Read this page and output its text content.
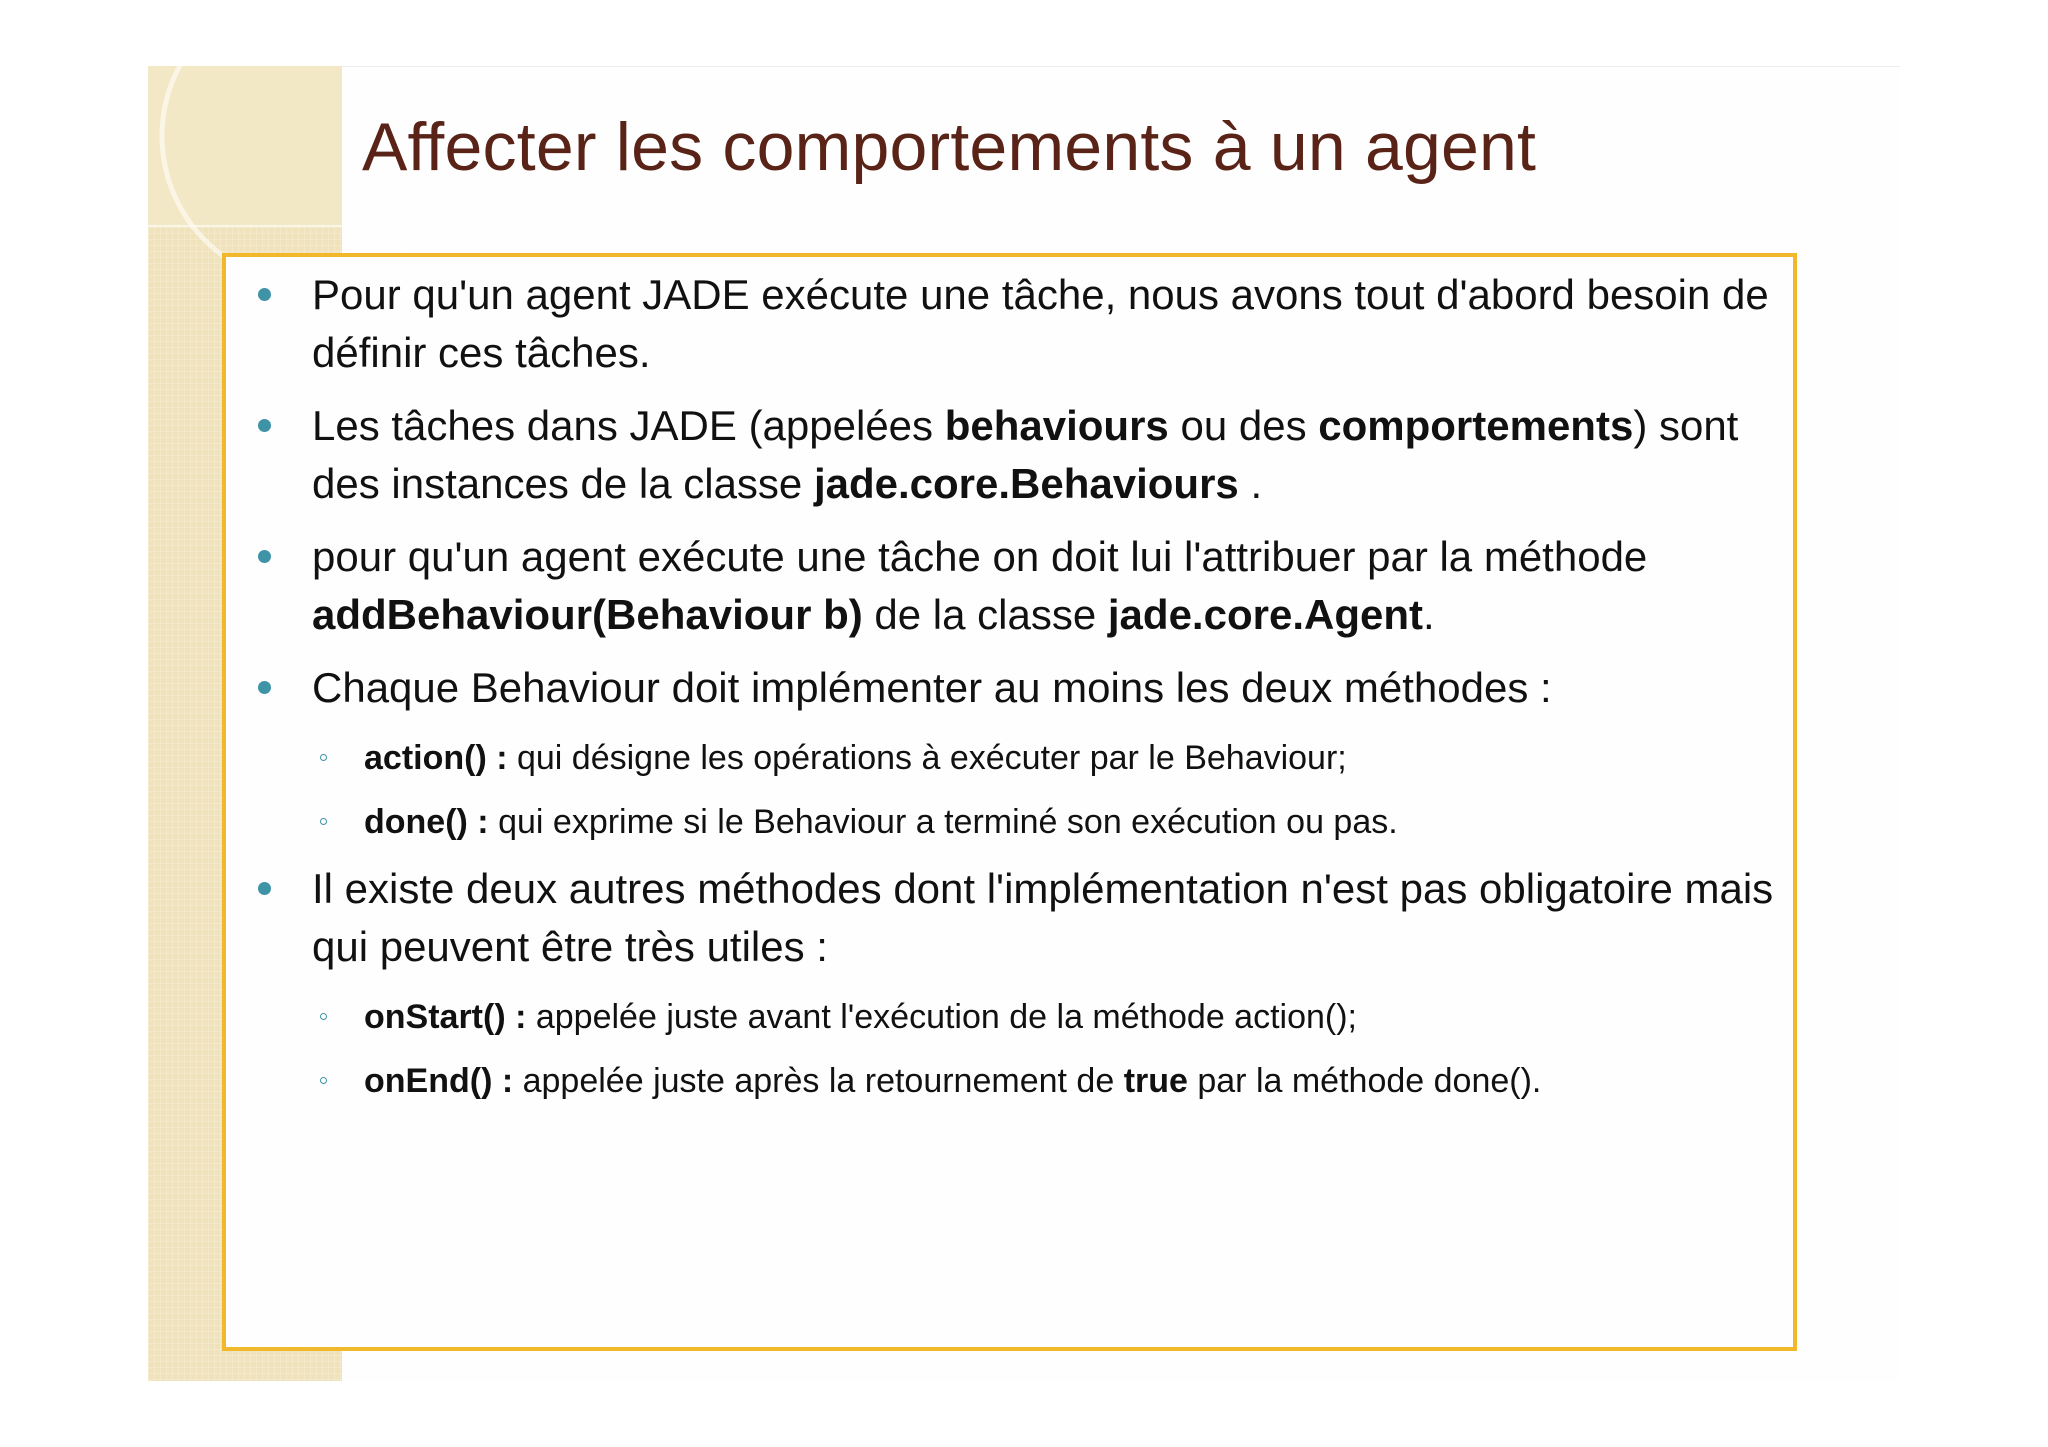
Affecter les comportements à un agent
Pour qu'un agent JADE exécute une tâche, nous avons tout d'abord besoin de définir ces tâches.
Les tâches dans JADE (appelées behaviours ou des comportements) sont des instances de la classe jade.core.Behaviours .
pour qu'un agent exécute une tâche on doit lui l'attribuer par la méthode addBehaviour(Behaviour b) de la classe jade.core.Agent.
Chaque Behaviour doit implémenter au moins les deux méthodes :
action() : qui désigne les opérations à exécuter par le Behaviour;
done() : qui exprime si le Behaviour a terminé son exécution ou pas.
Il existe deux autres méthodes dont l'implémentation n'est pas obligatoire mais qui peuvent être très utiles :
onStart() : appelée juste avant l'exécution de la méthode action();
onEnd() : appelée juste après la retournement de true par la méthode done().
